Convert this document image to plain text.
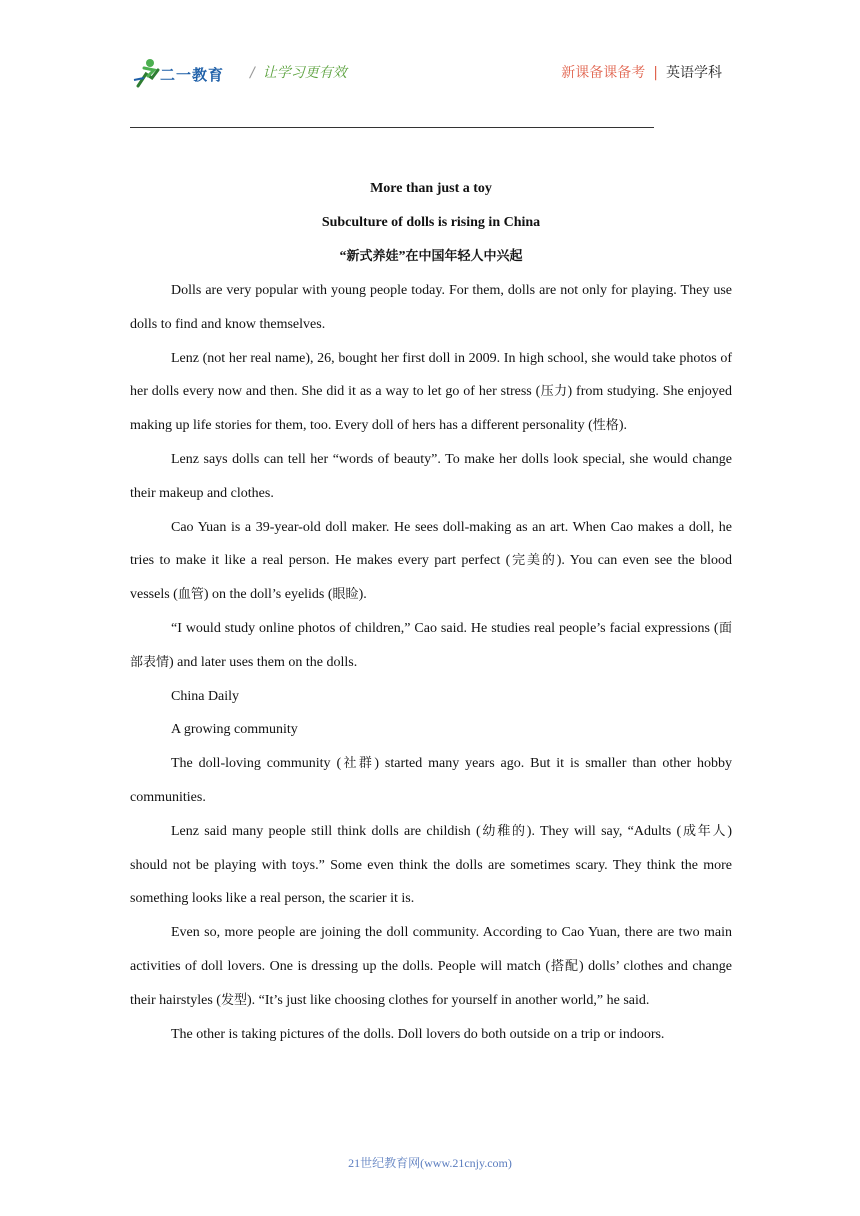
二一教育 / 让学习更有效	新课备课备考 | 英语学科
More than just a toy
Subculture of dolls is rising in China
“新式养娃”在中国年轻人中兴起

Dolls are very popular with young people today. For them, dolls are not only for playing. They use dolls to find and know themselves.

Lenz (not her real name), 26, bought her first doll in 2009. In high school, she would take photos of her dolls every now and then. She did it as a way to let go of her stress (压力) from studying. She enjoyed making up life stories for them, too. Every doll of hers has a different personality (性格).

Lenz says dolls can tell her “words of beauty”. To make her dolls look special, she would change their makeup and clothes.

Cao Yuan is a 39-year-old doll maker. He sees doll-making as an art. When Cao makes a doll, he tries to make it like a real person. He makes every part perfect (完美的). You can even see the blood vessels (血管) on the doll’s eyelids (眼睑).

“I would study online photos of children,” Cao said. He studies real people’s facial expressions (面部表情) and later uses them on the dolls.

China Daily

A growing community

The doll-loving community (社群) started many years ago. But it is smaller than other hobby communities.

Lenz said many people still think dolls are childish (幼稚的). They will say, “Adults (成年人) should not be playing with toys.” Some even think the dolls are sometimes scary. They think the more something looks like a real person, the scarier it is.

Even so, more people are joining the doll community. According to Cao Yuan, there are two main activities of doll lovers. One is dressing up the dolls. People will match (搭配) dolls’ clothes and change their hairstyles (发型). “It’s just like choosing clothes for yourself in another world,” he said.

The other is taking pictures of the dolls. Doll lovers do both outside on a trip or indoors.

21世纪教育网(www.21cnjy.com)
